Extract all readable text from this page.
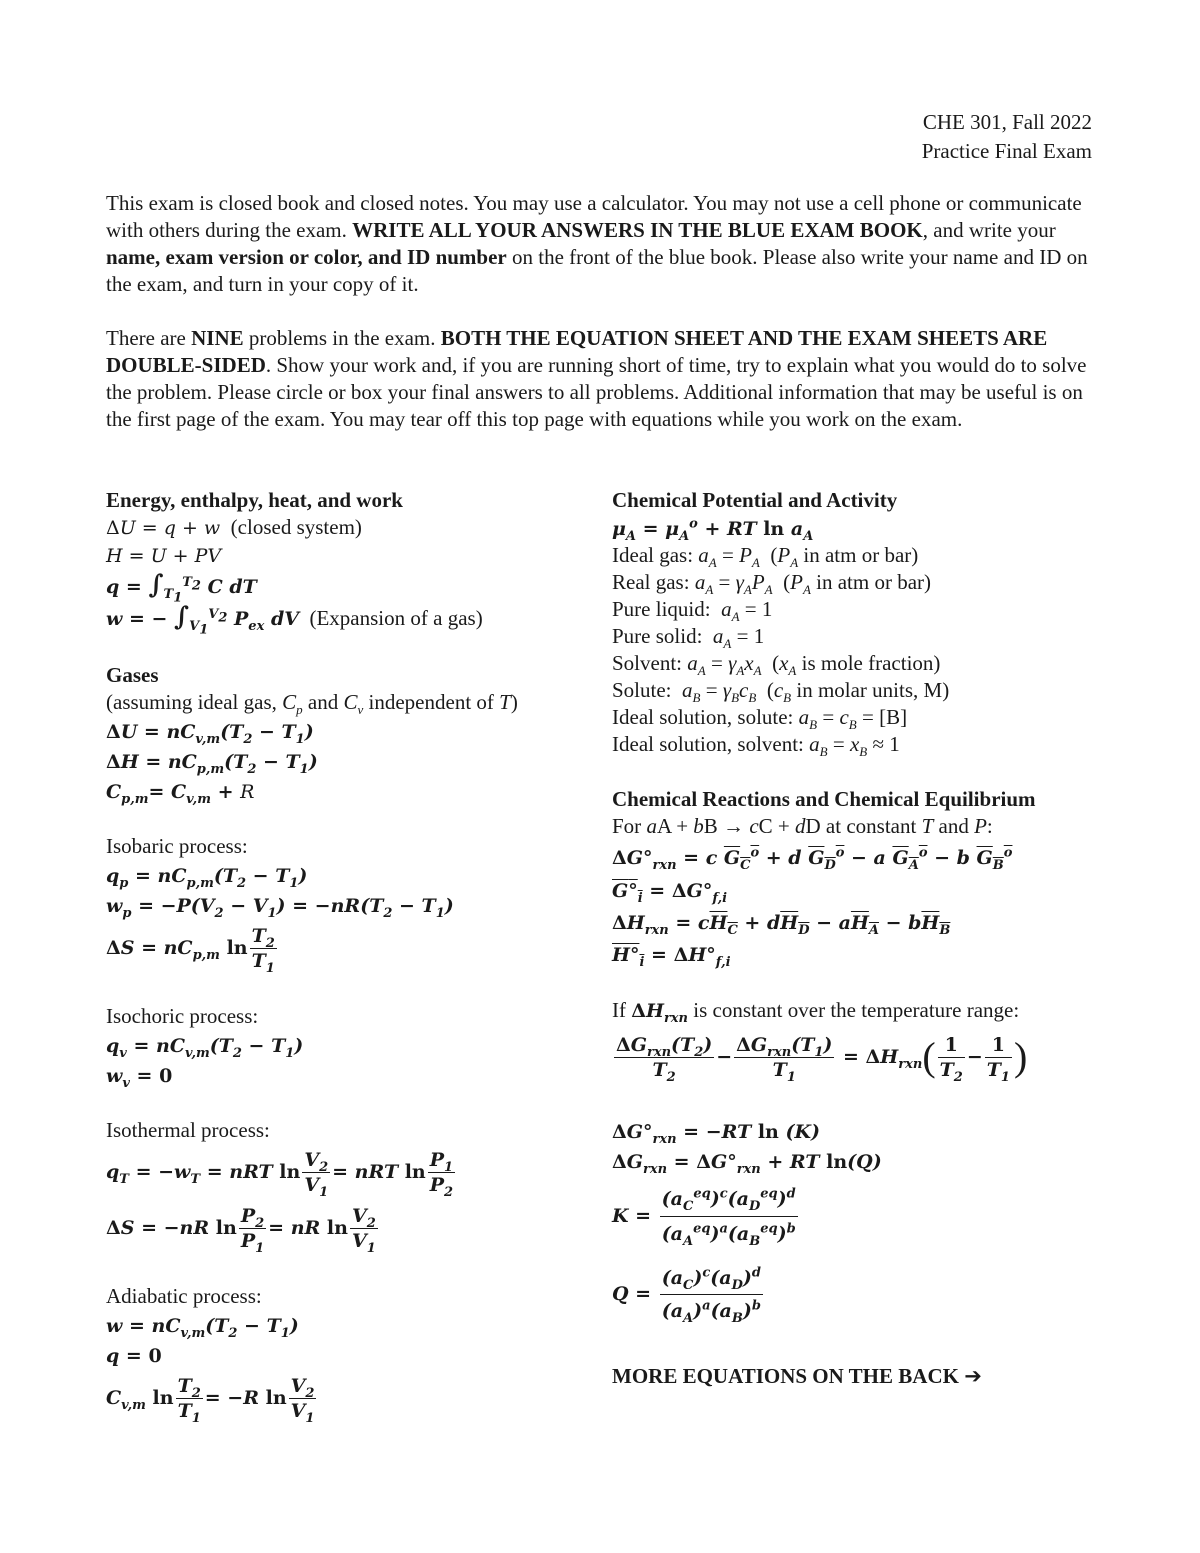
CHE 301, Fall 2022
Practice Final Exam
This exam is closed book and closed notes. You may use a calculator. You may not use a cell phone or communicate with others during the exam. WRITE ALL YOUR ANSWERS IN THE BLUE EXAM BOOK, and write your name, exam version or color, and ID number on the front of the blue book. Please also write your name and ID on the exam, and turn in your copy of it.
There are NINE problems in the exam. BOTH THE EQUATION SHEET AND THE EXAM SHEETS ARE DOUBLE-SIDED. Show your work and, if you are running short of time, try to explain what you would do to solve the problem. Please circle or box your final answers to all problems. Additional information that may be useful is on the first page of the exam. You may tear off this top page with equations while you work on the exam.
Energy, enthalpy, heat, and work
ΔU = q + w (closed system)
H = U + PV
$q = \int_{T_1}^{T_2}$ C dT
w = − $\int_{V_1}^{V_2}$ $P_{ex}$ dV (Expansion of a gas)
Gases
(assuming ideal gas, $C_p$ and $C_v$ independent of T)
$\Delta U = nC_{v,m}(T_2 - T_1)$
$\Delta H = nC_{p,m}(T_2 - T_1)$
$C_{p,m}= C_{v,m} + R$
Isobaric process:
$q_p = nC_{p,m}(T_2 - T_1)$
$w_p = -P(V_2 - V_1) = -nR(T_2 - T_1)$
$\Delta S = nC_{p,m}$ $\ln \frac{T_2}{T_1}$
Isochoric process:
$q_v = nC_{v,m}(T_2 - T_1)$
$w_v = 0$
Isothermal process:
$q_T = -w_T$ = nRT $\ln \frac{V_2}{V_1}$ = nRT $\ln \frac{P_1}{P_2}$
ΔS = −nR $\ln \frac{P_2}{P_1}$ = nR $\ln \frac{V_2}{V_1}$
Adiabatic process:
$w = nC_{v,m}(T_2 - T_1)$
q = 0
$C_{v,m}$ $\ln \frac{T_2}{T_1} = -R$ $\ln \frac{V_2}{V_1}$
Chemical Potential and Activity
$\mu_A = \mu_A^o$ + RT $\ln a_A$
Ideal gas: $a_A = P_A$  ($P_A$ in atm or bar)
Real gas: $a_A = \gamma_AP_A$  ($P_A$ in atm or bar)
Pure liquid: $a_A = 1$
Pure solid: $a_A = 1$
Solvent: $a_A = \gamma_Ax_A$  ($x_A$ is mole fraction)
Solute: $a_B = \gamma_Bc_B$  ($c_B$ in molar units, M)
Ideal solution, solute: $a_B = c_B = [B]$
Ideal solution, solvent: $a_B = x_B \approx 1$
Chemical Reactions and Chemical Equilibrium
For aA + bB → cC + dD at constant T and P:
$\Delta G^\circ_{rxn} = c$ $G_C^o + d$ $G_D^o - a$ $G_A^o - b$ $G_B^o$
$G^\circ_i = \Delta G^\circ_{f,i}$
$\Delta H_{rxn} = cH_C + dH_D - aH_A - bH_B$
$H^\circ_i = \Delta H^\circ_{f,i}$
If $\Delta H_{rxn}$ is constant over the temperature range:
$\frac{\Delta G_{rxn}(T_2)}{T_2} - \frac{\Delta G_{rxn}(T_1)}{T_1} = \Delta H_{rxn}$ ( $\frac{1}{T_2} - \frac{1}{T_1}$ )
$\Delta G^\circ_{rxn} = -RT$ ln (K)
$\Delta G_{rxn} = \Delta G^\circ_{rxn}$ + RT ln(Q)
$K = \frac{(a_C^{eq})^c(a_D^{eq})^d}{(a_A^{eq})^a(a_B^{eq})^b}$
$Q = \frac{(a_C)^c(a_D)^d}{(a_A)^a(a_B)^b}$
MORE EQUATIONS ON THE BACK ➔
